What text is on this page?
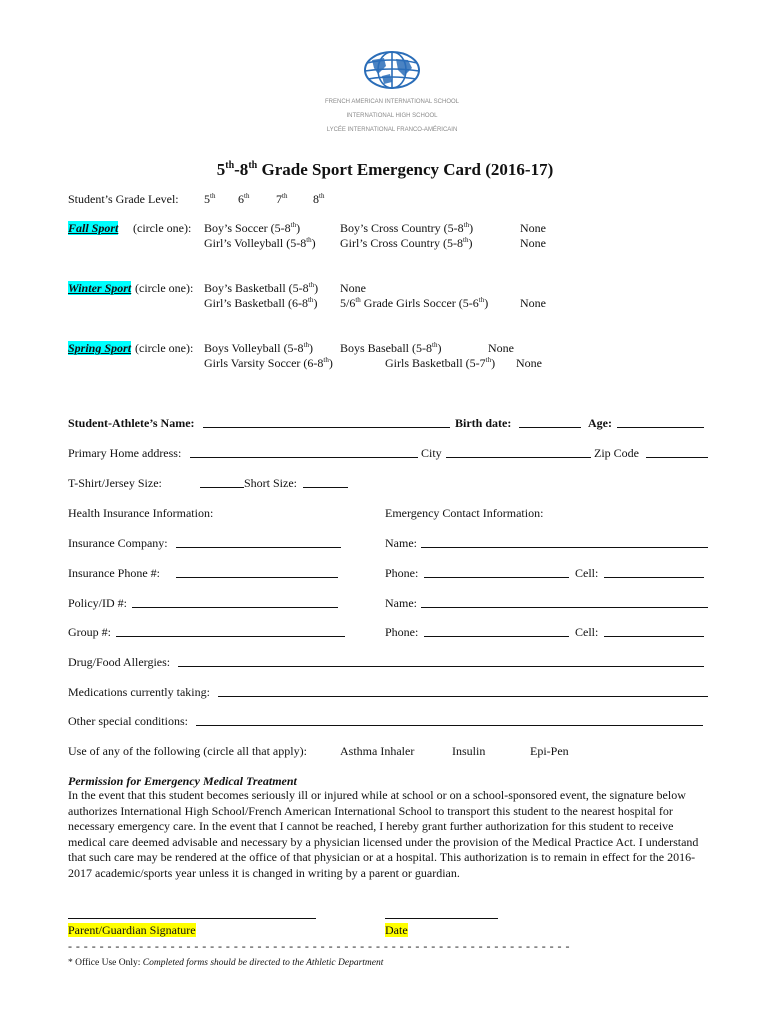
FRENCH AMERICAN INTERNATIONAL SCHOOL
INTERNATIONAL HIGH SCHOOL
LYCÉE INTERNATIONAL FRANCO-AMÉRICAIN
5th-8th Grade Sport Emergency Card (2016-17)
Student’s Grade Level: 5th 6th 7th 8th
Fall Sport (circle one): Boy’s Soccer (5-8th)	Boy’s Cross Country (5-8th)	None
Girl’s Volleyball (5-8th) Girl’s Cross Country (5-8th)	None
Winter Sport (circle one): Boy’s Basketball (5-8th) None
Girl’s Basketball (6-8th) 5/6th Grade Girls Soccer (5-6th)	None
Spring Sport (circle one): Boys Volleyball (5-8th) Boys Baseball (5-8th)	None
Girls Varsity Soccer (6-8th)	Girls Basketball (5-7th) None
Student-Athlete’s Name:	Birth date:	Age:
Primary Home address:	City	Zip Code
T-Shirt/Jersey Size:	Short Size:
Health Insurance Information:	Emergency Contact Information:
Insurance Company:	Name:
Insurance Phone #:	Phone:	Cell:
Policy/ID #:	Name:
Group #:	Phone:	Cell:
Drug/Food Allergies:
Medications currently taking:
Other special conditions:
Use of any of the following (circle all that apply):	Asthma Inhaler	Insulin	Epi-Pen
Permission for Emergency Medical Treatment
In the event that this student becomes seriously ill or injured while at school or on a school-sponsored event, the signature below authorizes International High School/French American International School to transport this student to the nearest hospital for necessary emergency care. In the event that I cannot be reached, I hereby grant further authorization for this student to receive medical care deemed advisable and necessary by a physician licensed under the provision of the Medical Practice Act. I understand that such care may be rendered at the office of that physician or at a hospital. This authorization is to remain in effect for the 2016-2017 academic/sports year unless it is changed in writing by a parent or guardian.
Parent/Guardian Signature	Date
- - - - - - - - - - - - - - - - - - - - - - - - - - - - - - - - - - - - - - - - - - - - - - - - - - - - - - - - - - - - - - - -
* Office Use Only: Completed forms should be directed to the Athletic Department
